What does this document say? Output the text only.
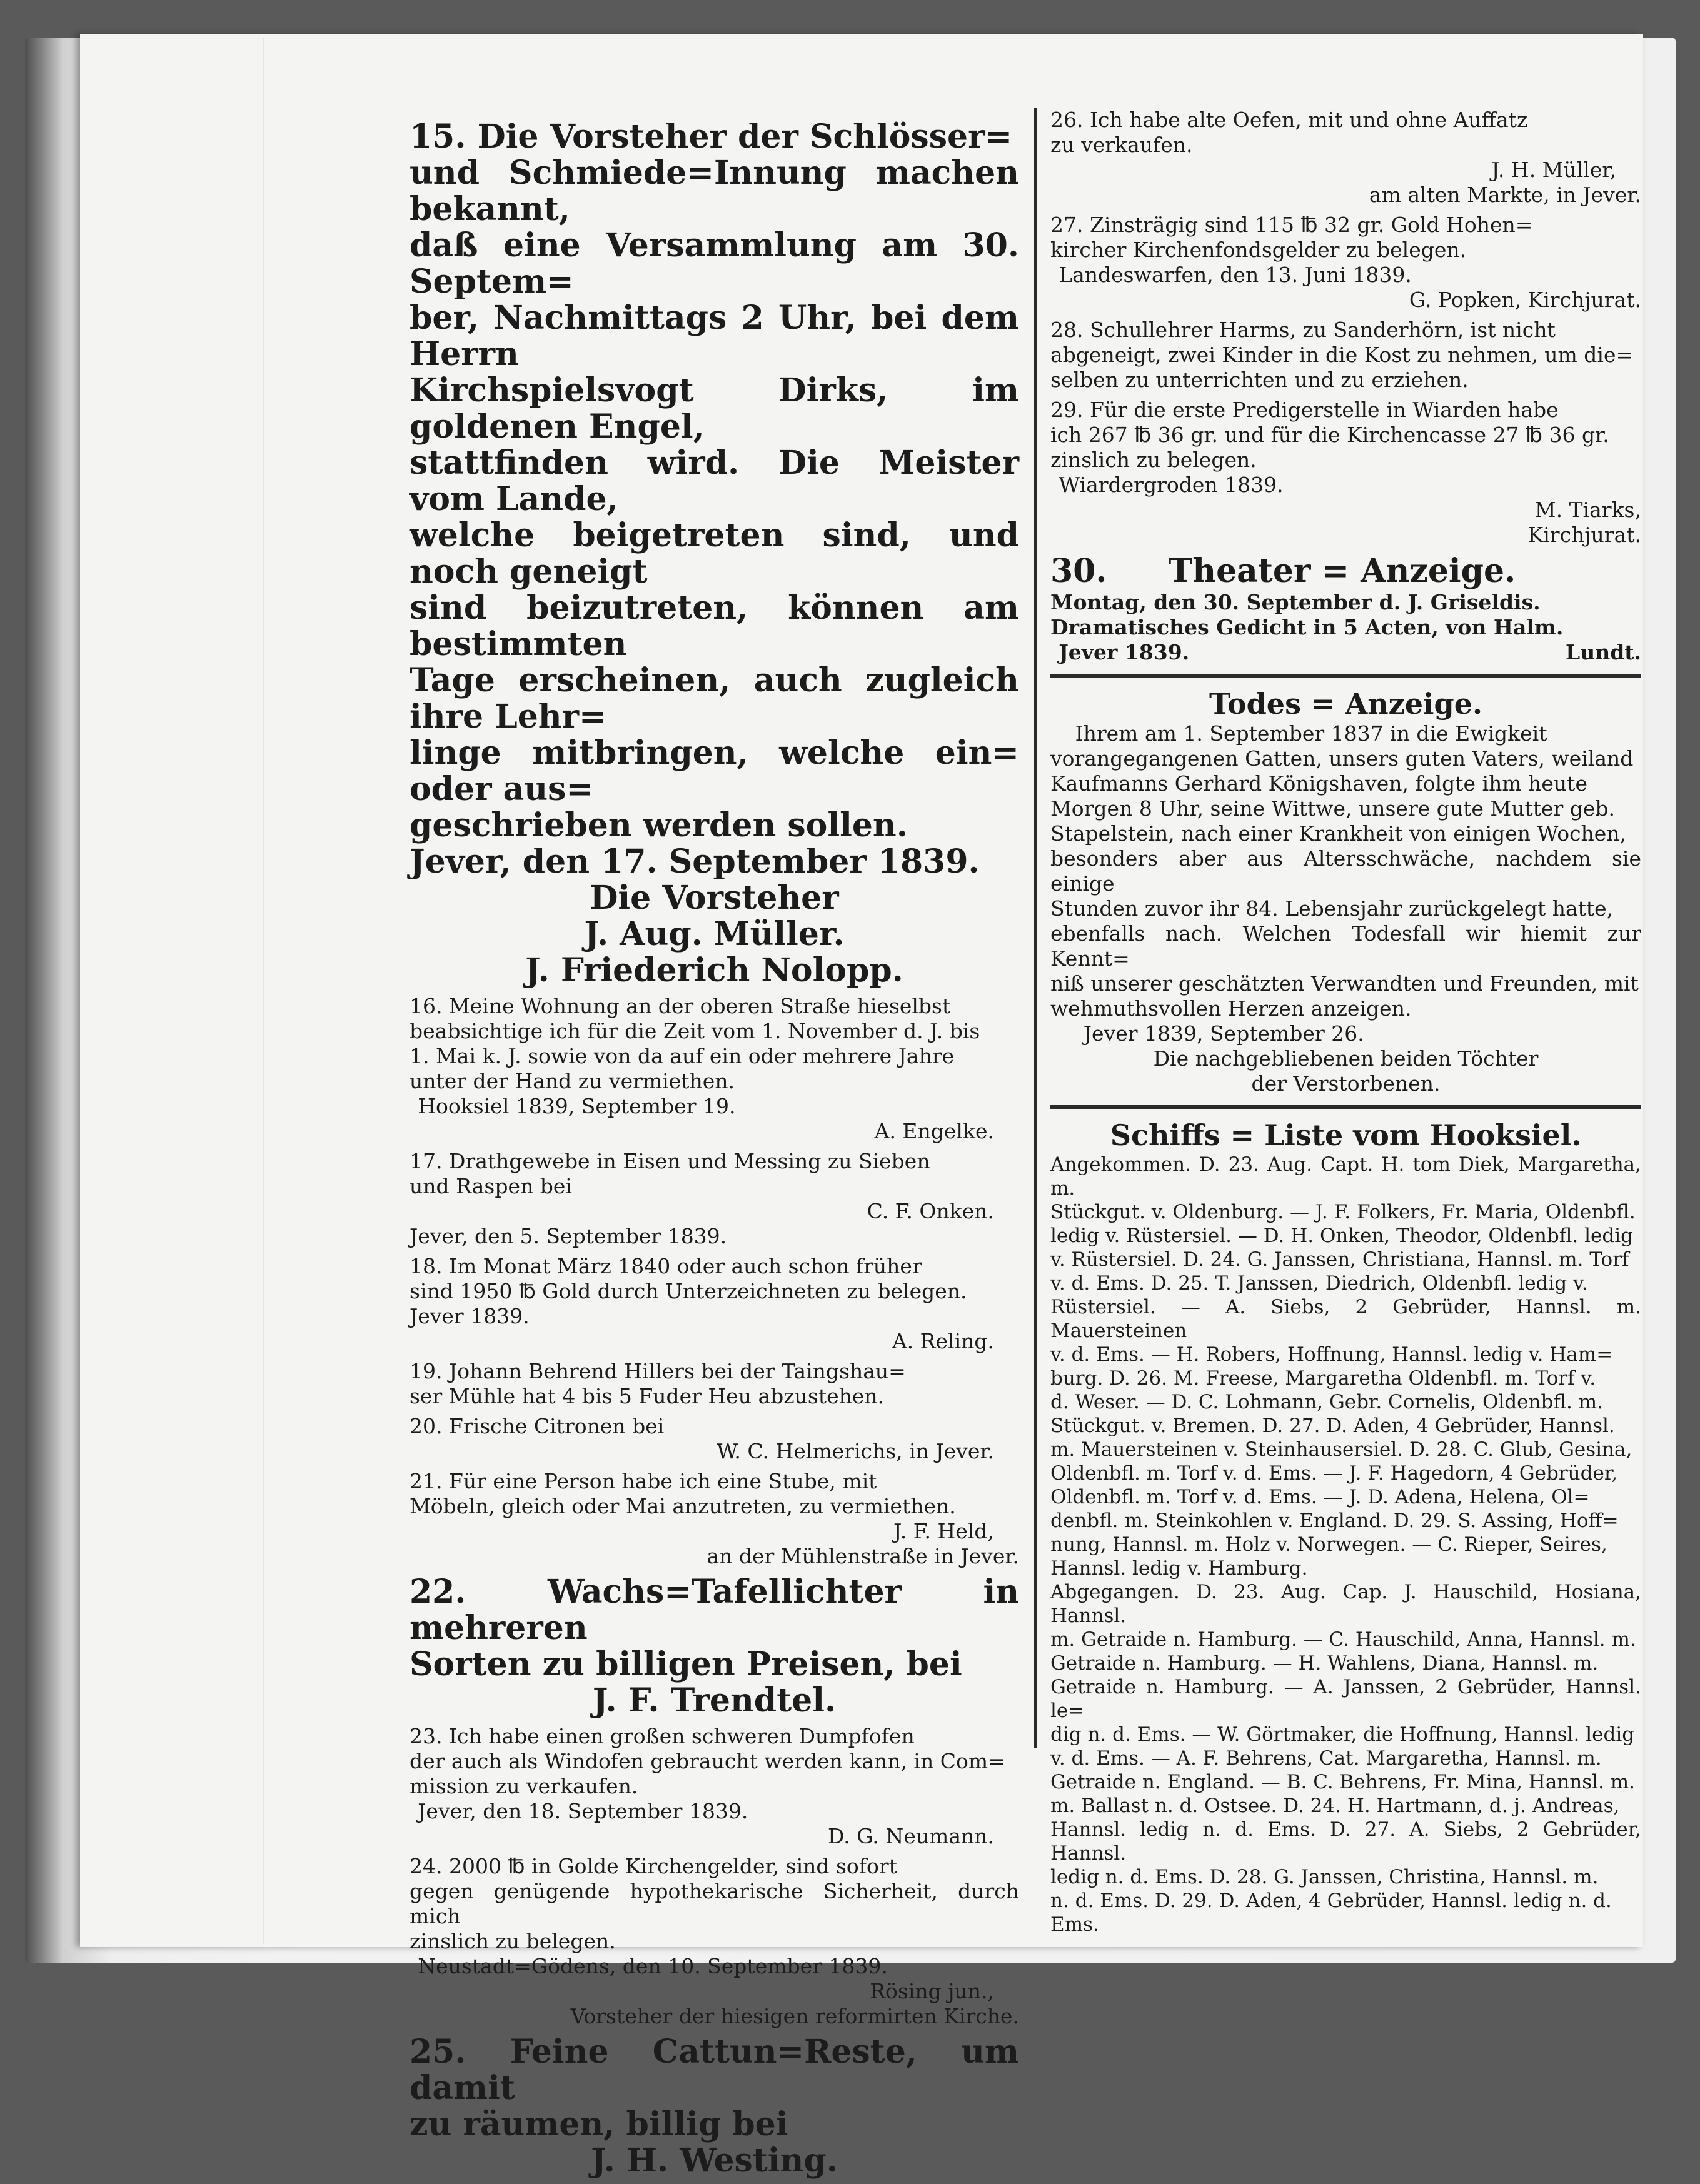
15. Die Vorsteher der Schlösser=
und Schmiede=Innung machen bekannt,
daß eine Versammlung am 30. Septem=
ber, Nachmittags 2 Uhr, bei dem Herrn
Kirchspielsvogt Dirks, im goldenen Engel,
stattfinden wird. Die Meister vom Lande,
welche beigetreten sind, und noch geneigt
sind beizutreten, können am bestimmten
Tage erscheinen, auch zugleich ihre Lehr=
linge mitbringen, welche ein= oder aus=
geschrieben werden sollen.
Jever, den 17. September 1839.
Die Vorsteher
J. Aug. Müller.
J. Friederich Nolopp.
16. Meine Wohnung an der oberen Straße hieselbst
beabsichtige ich für die Zeit vom 1. November d. J. bis
1. Mai k. J. sowie von da auf ein oder mehrere Jahre
unter der Hand zu vermiethen.
Hooksiel 1839, September 19.
A. Engelke.
17. Drathgewebe in Eisen und Messing zu Sieben
und Raspen bei
C. F. Onken.
Jever, den 5. September 1839.
18. Im Monat März 1840 oder auch schon früher
sind 1950 ℔ Gold durch Unterzeichneten zu belegen.
Jever 1839.
A. Reling.
19. Johann Behrend Hillers bei der Taingshau=
ser Mühle hat 4 bis 5 Fuder Heu abzustehen.
20. Frische Citronen bei
W. C. Helmerichs, in Jever.
21. Für eine Person habe ich eine Stube, mit
Möbeln, gleich oder Mai anzutreten, zu vermiethen.
J. F. Held,
an der Mühlenstraße in Jever.
22. Wachs=Tafellichter in mehreren
Sorten zu billigen Preisen, bei
J. F. Trendtel.
23. Ich habe einen großen schweren Dumpfofen
der auch als Windofen gebraucht werden kann, in Com=
mission zu verkaufen.
Jever, den 18. September 1839.
D. G. Neumann.
24. 2000 ℔ in Golde Kirchengelder, sind sofort
gegen genügende hypothekarische Sicherheit, durch mich
zinslich zu belegen.
Neustadt=Gödens, den 10. September 1839.
Rösing jun.,
Vorsteher der hiesigen reformirten Kirche.
25. Feine Cattun=Reste, um damit
zu räumen, billig bei
J. H. Westing.
26. Ich habe alte Oefen, mit und ohne Auffatz
zu verkaufen.
J. H. Müller,
am alten Markte, in Jever.
27. Zinsträgig sind 115 ℔ 32 gr. Gold Hohen=
kircher Kirchenfondsgelder zu belegen.
Landeswarfen, den 13. Juni 1839.
G. Popken, Kirchjurat.
28. Schullehrer Harms, zu Sanderhörn, ist nicht
abgeneigt, zwei Kinder in die Kost zu nehmen, um die=
selben zu unterrichten und zu erziehen.
29. Für die erste Predigerstelle in Wiarden habe
ich 267 ℔ 36 gr. und für die Kirchencasse 27 ℔ 36 gr.
zinslich zu belegen.
Wiardergroden 1839.
M. Tiarks,
Kirchjurat.
30. Theater = Anzeige.
Montag, den 30. September d. J. Griseldis.
Dramatisches Gedicht in 5 Acten, von Halm.
Jever 1839.	Lundt.
Todes = Anzeige.
Ihrem am 1. September 1837 in die Ewigkeit
vorangegangenen Gatten, unsers guten Vaters, weiland
Kaufmanns Gerhard Königshaven, folgte ihm heute
Morgen 8 Uhr, seine Wittwe, unsere gute Mutter geb.
Stapelstein, nach einer Krankheit von einigen Wochen,
besonders aber aus Altersschwäche, nachdem sie einige
Stunden zuvor ihr 84. Lebensjahr zurückgelegt hatte,
ebenfalls nach. Welchen Todesfall wir hiemit zur Kennt=
niß unserer geschätzten Verwandten und Freunden, mit
wehmuthsvollen Herzen anzeigen.
Jever 1839, September 26.
Die nachgebliebenen beiden Töchter
der Verstorbenen.
Schiffs = Liste vom Hooksiel.
Angekommen. D. 23. Aug. Capt. H. tom Diek, Margaretha, m.
Stückgut. v. Oldenburg. — J. F. Folkers, Fr. Maria, Oldenbfl.
ledig v. Rüstersiel. — D. H. Onken, Theodor, Oldenbfl. ledig
v. Rüstersiel. D. 24. G. Janssen, Christiana, Hannsl. m. Torf
v. d. Ems. D. 25. T. Janssen, Diedrich, Oldenbfl. ledig v.
Rüstersiel. — A. Siebs, 2 Gebrüder, Hannsl. m. Mauersteinen
v. d. Ems. — H. Robers, Hoffnung, Hannsl. ledig v. Ham=
burg. D. 26. M. Freese, Margaretha Oldenbfl. m. Torf v.
d. Weser. — D. C. Lohmann, Gebr. Cornelis, Oldenbfl. m.
Stückgut. v. Bremen. D. 27. D. Aden, 4 Gebrüder, Hannsl.
m. Mauersteinen v. Steinhausersiel. D. 28. C. Glub, Gesina,
Oldenbfl. m. Torf v. d. Ems. — J. F. Hagedorn, 4 Gebrüder,
Oldenbfl. m. Torf v. d. Ems. — J. D. Adena, Helena, Ol=
denbfl. m. Steinkohlen v. England. D. 29. S. Assing, Hoff=
nung, Hannsl. m. Holz v. Norwegen. — C. Rieper, Seires,
Hannsl. ledig v. Hamburg.
Abgegangen. D. 23. Aug. Cap. J. Hauschild, Hosiana, Hannsl.
m. Getraide n. Hamburg. — C. Hauschild, Anna, Hannsl. m.
Getraide n. Hamburg. — H. Wahlens, Diana, Hannsl. m.
Getraide n. Hamburg. — A. Janssen, 2 Gebrüder, Hannsl. le=
dig n. d. Ems. — W. Görtmaker, die Hoffnung, Hannsl. ledig
v. d. Ems. — A. F. Behrens, Cat. Margaretha, Hannsl. m.
Getraide n. England. — B. C. Behrens, Fr. Mina, Hannsl. m.
m. Ballast n. d. Ostsee. D. 24. H. Hartmann, d. j. Andreas,
Hannsl. ledig n. d. Ems. D. 27. A. Siebs, 2 Gebrüder, Hannsl.
ledig n. d. Ems. D. 28. G. Janssen, Christina, Hannsl. m.
n. d. Ems. D. 29. D. Aden, 4 Gebrüder, Hannsl. ledig n. d.
Ems.
